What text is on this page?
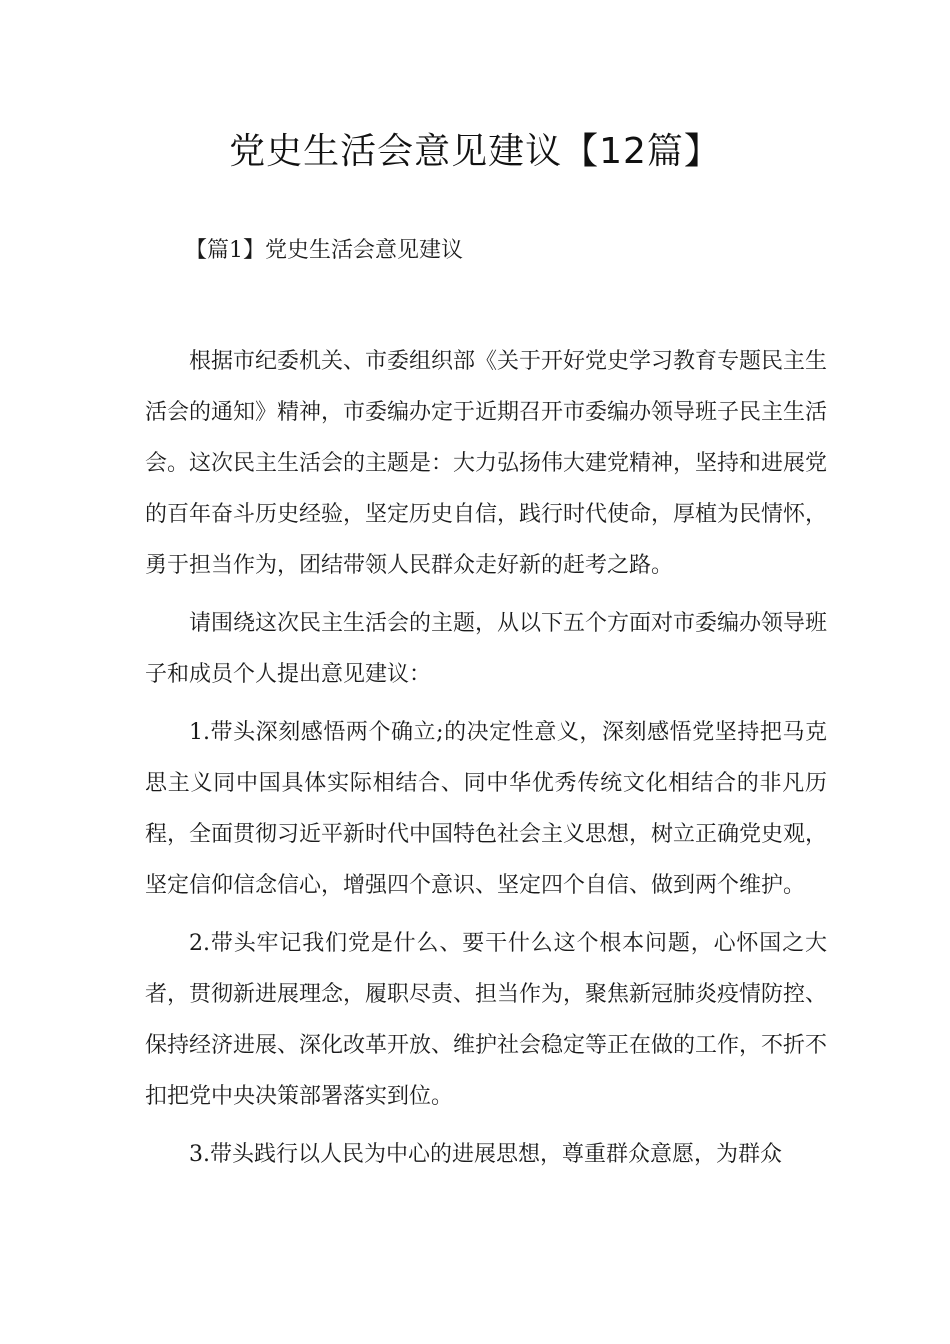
党史生活会意见建议【12篇】
【篇1】党史生活会意见建议

根据市纪委机关、市委组织部《关于开好党史学习教育专题民主生活会的通知》精神，市委编办定于近期召开市委编办领导班子民主生活会。这次民主生活会的主题是：大力弘扬伟大建党精神，坚持和进展党的百年奋斗历史经验，坚定历史自信，践行时代使命，厚植为民情怀，勇于担当作为，团结带领人民群众走好新的赶考之路。

请围绕这次民主生活会的主题，从以下五个方面对市委编办领导班子和成员个人提出意见建议：

1.带头深刻感悟两个确立;的决定性意义，深刻感悟党坚持把马克思主义同中国具体实际相结合、同中华优秀传统文化相结合的非凡历程，全面贯彻习近平新时代中国特色社会主义思想，树立正确党史观，坚定信仰信念信心，增强四个意识、坚定四个自信、做到两个维护。

2.带头牢记我们党是什么、要干什么这个根本问题，心怀国之大者，贯彻新进展理念，履职尽责、担当作为，聚焦新冠肺炎疫情防控、保持经济进展、深化改革开放、维护社会稳定等正在做的工作，不折不扣把党中央决策部署落实到位。

3.带头践行以人民为中心的进展思想，尊重群众意愿，为群众
